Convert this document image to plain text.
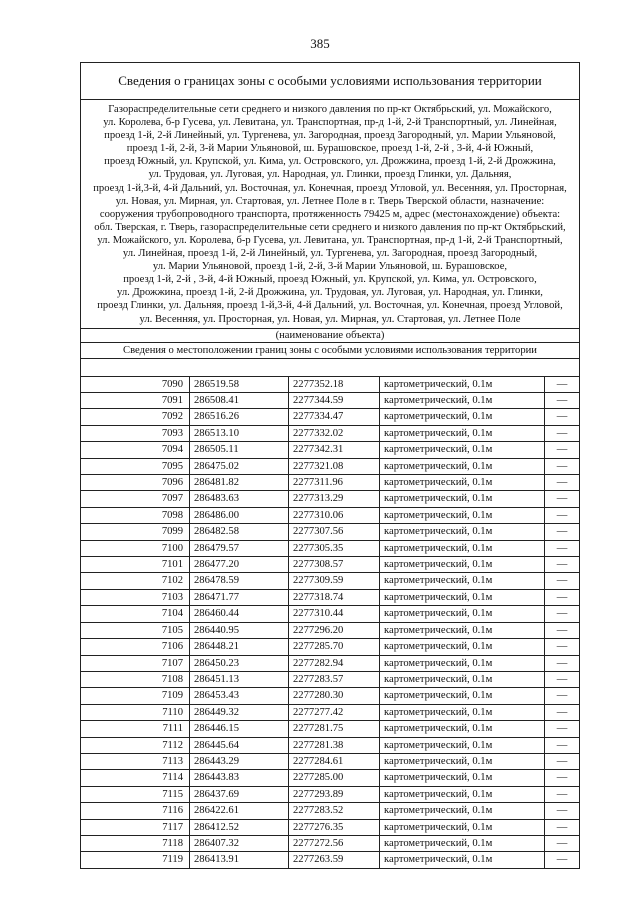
385
Сведения о границах зоны с особыми условиями использования территории
Газораспределительные сети среднего и низкого давления по пр-кт Октябрьский, ул. Можайского,
ул. Королева, б-р Гусева, ул. Левитана, ул. Транспортная, пр-д 1-й, 2-й Транспортный, ул. Линейная,
проезд 1-й, 2-й Линейный, ул. Тургенева, ул. Загородная, проезд Загородный, ул. Марии Ульяновой,
проезд 1-й, 2-й, 3-й Марии Ульяновой, ш. Бурашовское, проезд 1-й, 2-й , 3-й, 4-й Южный,
проезд Южный, ул. Крупской, ул. Кима, ул. Островского, ул. Дрожжина, проезд 1-й, 2-й Дрожжина,
ул. Трудовая, ул. Луговая, ул. Народная, ул. Глинки, проезд Глинки, ул. Дальняя,
проезд 1-й,3-й, 4-й Дальний, ул. Восточная, ул. Конечная, проезд Угловой, ул. Весенняя, ул. Просторная,
ул. Новая, ул. Мирная, ул. Стартовая, ул. Летнее Поле в г. Тверь Тверской области, назначение:
сооружения трубопроводного транспорта, протяженность 79425 м, адрес (местонахождение) объекта:
обл. Тверская, г. Тверь, газораспределительные сети среднего и низкого давления по пр-кт Октябрьский,
ул. Можайского, ул. Королева, б-р Гусева, ул. Левитана, ул. Транспортная, пр-д 1-й, 2-й Транспортный,
ул. Линейная, проезд 1-й, 2-й Линейный, ул. Тургенева, ул. Загородная, проезд Загородный,
ул. Марии Ульяновой, проезд 1-й, 2-й, 3-й Марии Ульяновой, ш. Бурашовское,
проезд 1-й, 2-й , 3-й, 4-й Южный, проезд Южный, ул. Крупской, ул. Кима, ул. Островского,
ул. Дрожжина, проезд 1-й, 2-й Дрожжина, ул. Трудовая, ул. Луговая, ул. Народная, ул. Глинки,
проезд Глинки, ул. Дальняя, проезд 1-й,3-й, 4-й Дальний, ул. Восточная, ул. Конечная, проезд Угловой,
ул. Весенняя, ул. Просторная, ул. Новая, ул. Мирная, ул. Стартовая, ул. Летнее Поле
(наименование объекта)
Сведения о местоположении границ зоны с особыми условиями использования территории
7090	286519.58	2277352.18	картометрический, 0.1м	—
7091	286508.41	2277344.59	картометрический, 0.1м	—
7092	286516.26	2277334.47	картометрический, 0.1м	—
7093	286513.10	2277332.02	картометрический, 0.1м	—
7094	286505.11	2277342.31	картометрический, 0.1м	—
7095	286475.02	2277321.08	картометрический, 0.1м	—
7096	286481.82	2277311.96	картометрический, 0.1м	—
7097	286483.63	2277313.29	картометрический, 0.1м	—
7098	286486.00	2277310.06	картометрический, 0.1м	—
7099	286482.58	2277307.56	картометрический, 0.1м	—
7100	286479.57	2277305.35	картометрический, 0.1м	—
7101	286477.20	2277308.57	картометрический, 0.1м	—
7102	286478.59	2277309.59	картометрический, 0.1м	—
7103	286471.77	2277318.74	картометрический, 0.1м	—
7104	286460.44	2277310.44	картометрический, 0.1м	—
7105	286440.95	2277296.20	картометрический, 0.1м	—
7106	286448.21	2277285.70	картометрический, 0.1м	—
7107	286450.23	2277282.94	картометрический, 0.1м	—
7108	286451.13	2277283.57	картометрический, 0.1м	—
7109	286453.43	2277280.30	картометрический, 0.1м	—
7110	286449.32	2277277.42	картометрический, 0.1м	—
7111	286446.15	2277281.75	картометрический, 0.1м	—
7112	286445.64	2277281.38	картометрический, 0.1м	—
7113	286443.29	2277284.61	картометрический, 0.1м	—
7114	286443.83	2277285.00	картометрический, 0.1м	—
7115	286437.69	2277293.89	картометрический, 0.1м	—
7116	286422.61	2277283.52	картометрический, 0.1м	—
7117	286412.52	2277276.35	картометрический, 0.1м	—
7118	286407.32	2277272.56	картометрический, 0.1м	—
7119	286413.91	2277263.59	картометрический, 0.1м	—
